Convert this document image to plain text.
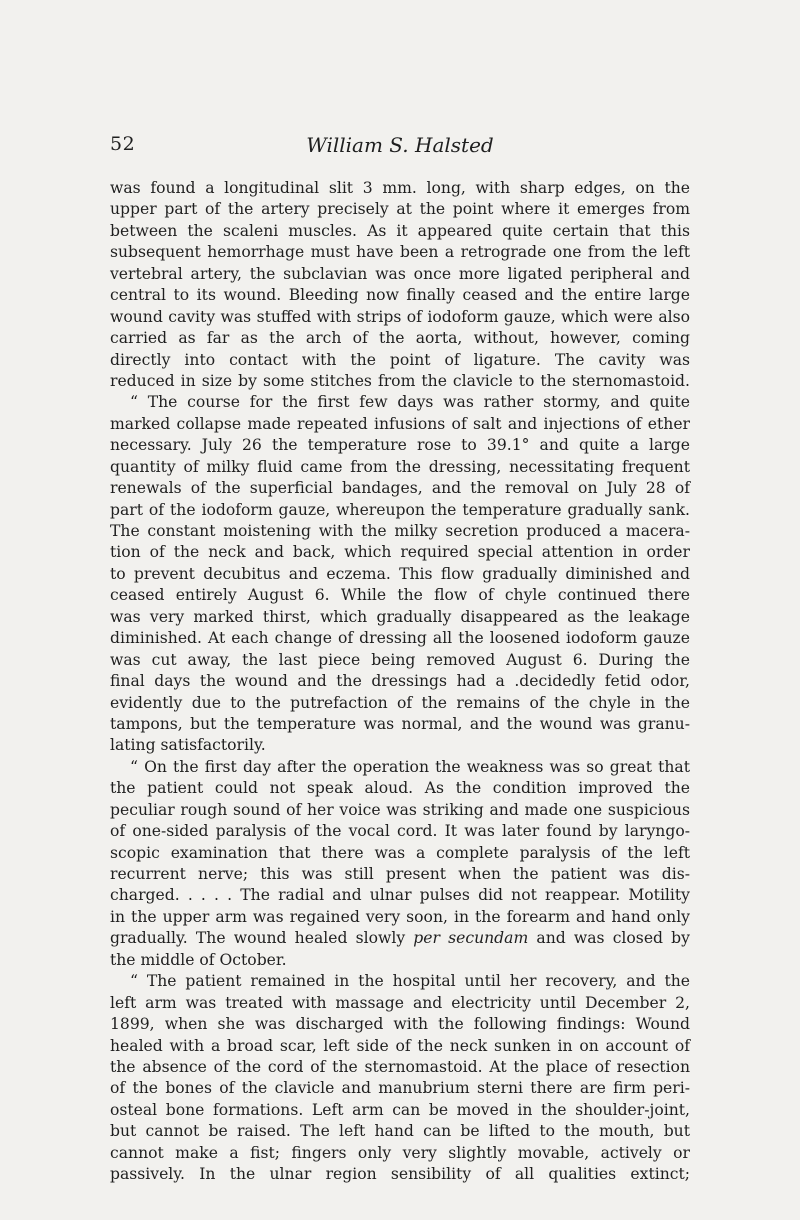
52	William S. Halsted
was found a longitudinal slit 3 mm. long, with sharp edges, on the
upper part of the artery precisely at the point where it emerges from
between the scaleni muscles. As it appeared quite certain that this
subsequent hemorrhage must have been a retrograde one from the left
vertebral artery, the subclavian was once more ligated peripheral and
central to its wound. Bleeding now finally ceased and the entire large
wound cavity was stuffed with strips of iodoform gauze, which were also
carried as far as the arch of the aorta, without, however, coming
directly into contact with the point of ligature. The cavity was
reduced in size by some stitches from the clavicle to the sternomastoid.
“ The course for the first few days was rather stormy, and quite
marked collapse made repeated infusions of salt and injections of ether
necessary. July 26 the temperature rose to 39.1° and quite a large
quantity of milky fluid came from the dressing, necessitating frequent
renewals of the superficial bandages, and the removal on July 28 of
part of the iodoform gauze, whereupon the temperature gradually sank.
The constant moistening with the milky secretion produced a macera-
tion of the neck and back, which required special attention in order
to prevent decubitus and eczema. This flow gradually diminished and
ceased entirely August 6. While the flow of chyle continued there
was very marked thirst, which gradually disappeared as the leakage
diminished. At each change of dressing all the loosened iodoform gauze
was cut away, the last piece being removed August 6. During the
final days the wound and the dressings had a .decidedly fetid odor,
evidently due to the putrefaction of the remains of the chyle in the
tampons, but the temperature was normal, and the wound was granu-
lating satisfactorily.
“ On the first day after the operation the weakness was so great that
the patient could not speak aloud. As the condition improved the
peculiar rough sound of her voice was striking and made one suspicious
of one-sided paralysis of the vocal cord. It was later found by laryngo-
scopic examination that there was a complete paralysis of the left
recurrent nerve; this was still present when the patient was dis-
charged. . . . . The radial and ulnar pulses did not reappear. Motility
in the upper arm was regained very soon, in the forearm and hand only
gradually. The wound healed slowly per secundam and was closed by
the middle of October.
“ The patient remained in the hospital until her recovery, and the
left arm was treated with massage and electricity until December 2,
1899, when she was discharged with the following findings: Wound
healed with a broad scar, left side of the neck sunken in on account of
the absence of the cord of the sternomastoid. At the place of resection
of the bones of the clavicle and manubrium sterni there are firm peri-
osteal bone formations. Left arm can be moved in the shoulder-joint,
but cannot be raised. The left hand can be lifted to the mouth, but
cannot make a fist; fingers only very slightly movable, actively or
passively. In the ulnar region sensibility of all qualities extinct;
